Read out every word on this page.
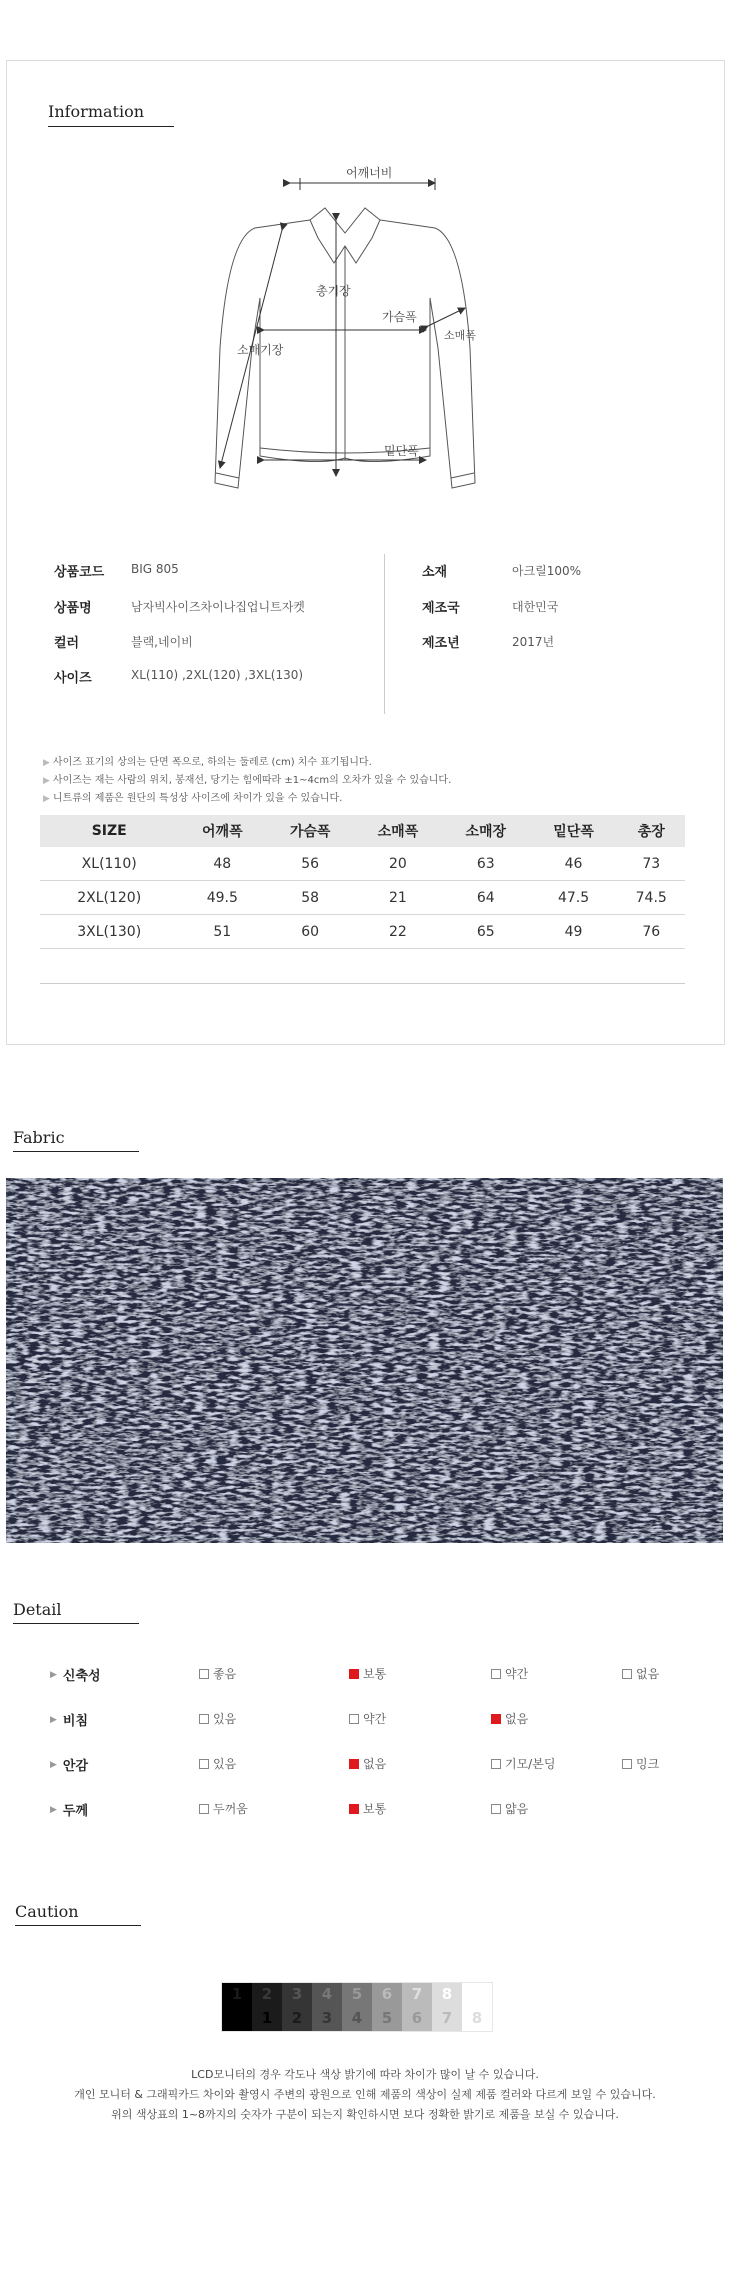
Information
어깨너비
총기장
가슴폭
소매기장
소매폭
밑단폭
상품코드 BIG 805
상품명	남자빅사이즈차이나집업니트자켓
컬러	블랙,네이비
사이즈	XL(110) ,2XL(120) ,3XL(130)
소재	아크릴100%
제조국	대한민국
제조년	2017년
▶ 사이즈 표기의 상의는 단면 폭으로, 하의는 둘레로 (cm) 치수 표기됩니다.
▶ 사이즈는 재는 사람의 위치, 봉재선, 당기는 힘에따라 ±1~4cm의 오차가 있을 수 있습니다.
▶ 니트류의 제품은 원단의 특성상 사이즈에 차이가 있을 수 있습니다.
SIZE	어깨폭	가슴폭	소매폭	소매장	밑단폭	총장
XL(110)	48	56	20	63	46	73
2XL(120)	49.5	58	21	64	47.5	74.5
3XL(130)	51	60	22	65	49	76
Fabric
Detail
▶ 신축성	좋음	보통	약간	없음
▶ 비침	있음	약간	없음
▶ 안감	있음	없음	기모/본딩	밍크
▶ 두께	두꺼움	보통	얇음
Caution
1	2
1
3
2
4
3
5
4
6
5
7
6
8
7	8
LCD모니터의 경우 각도나 색상 밝기에 따라 차이가 많이 날 수 있습니다.
개인 모니터 & 그래픽카드 차이와 촬영시 주변의 광원으로 인해 제품의 색상이 실제 제품 컬러와 다르게 보일 수 있습니다.
위의 색상표의 1~8까지의 숫자가 구분이 되는지 확인하시면 보다 정확한 밝기로 제품을 보실 수 있습니다.
